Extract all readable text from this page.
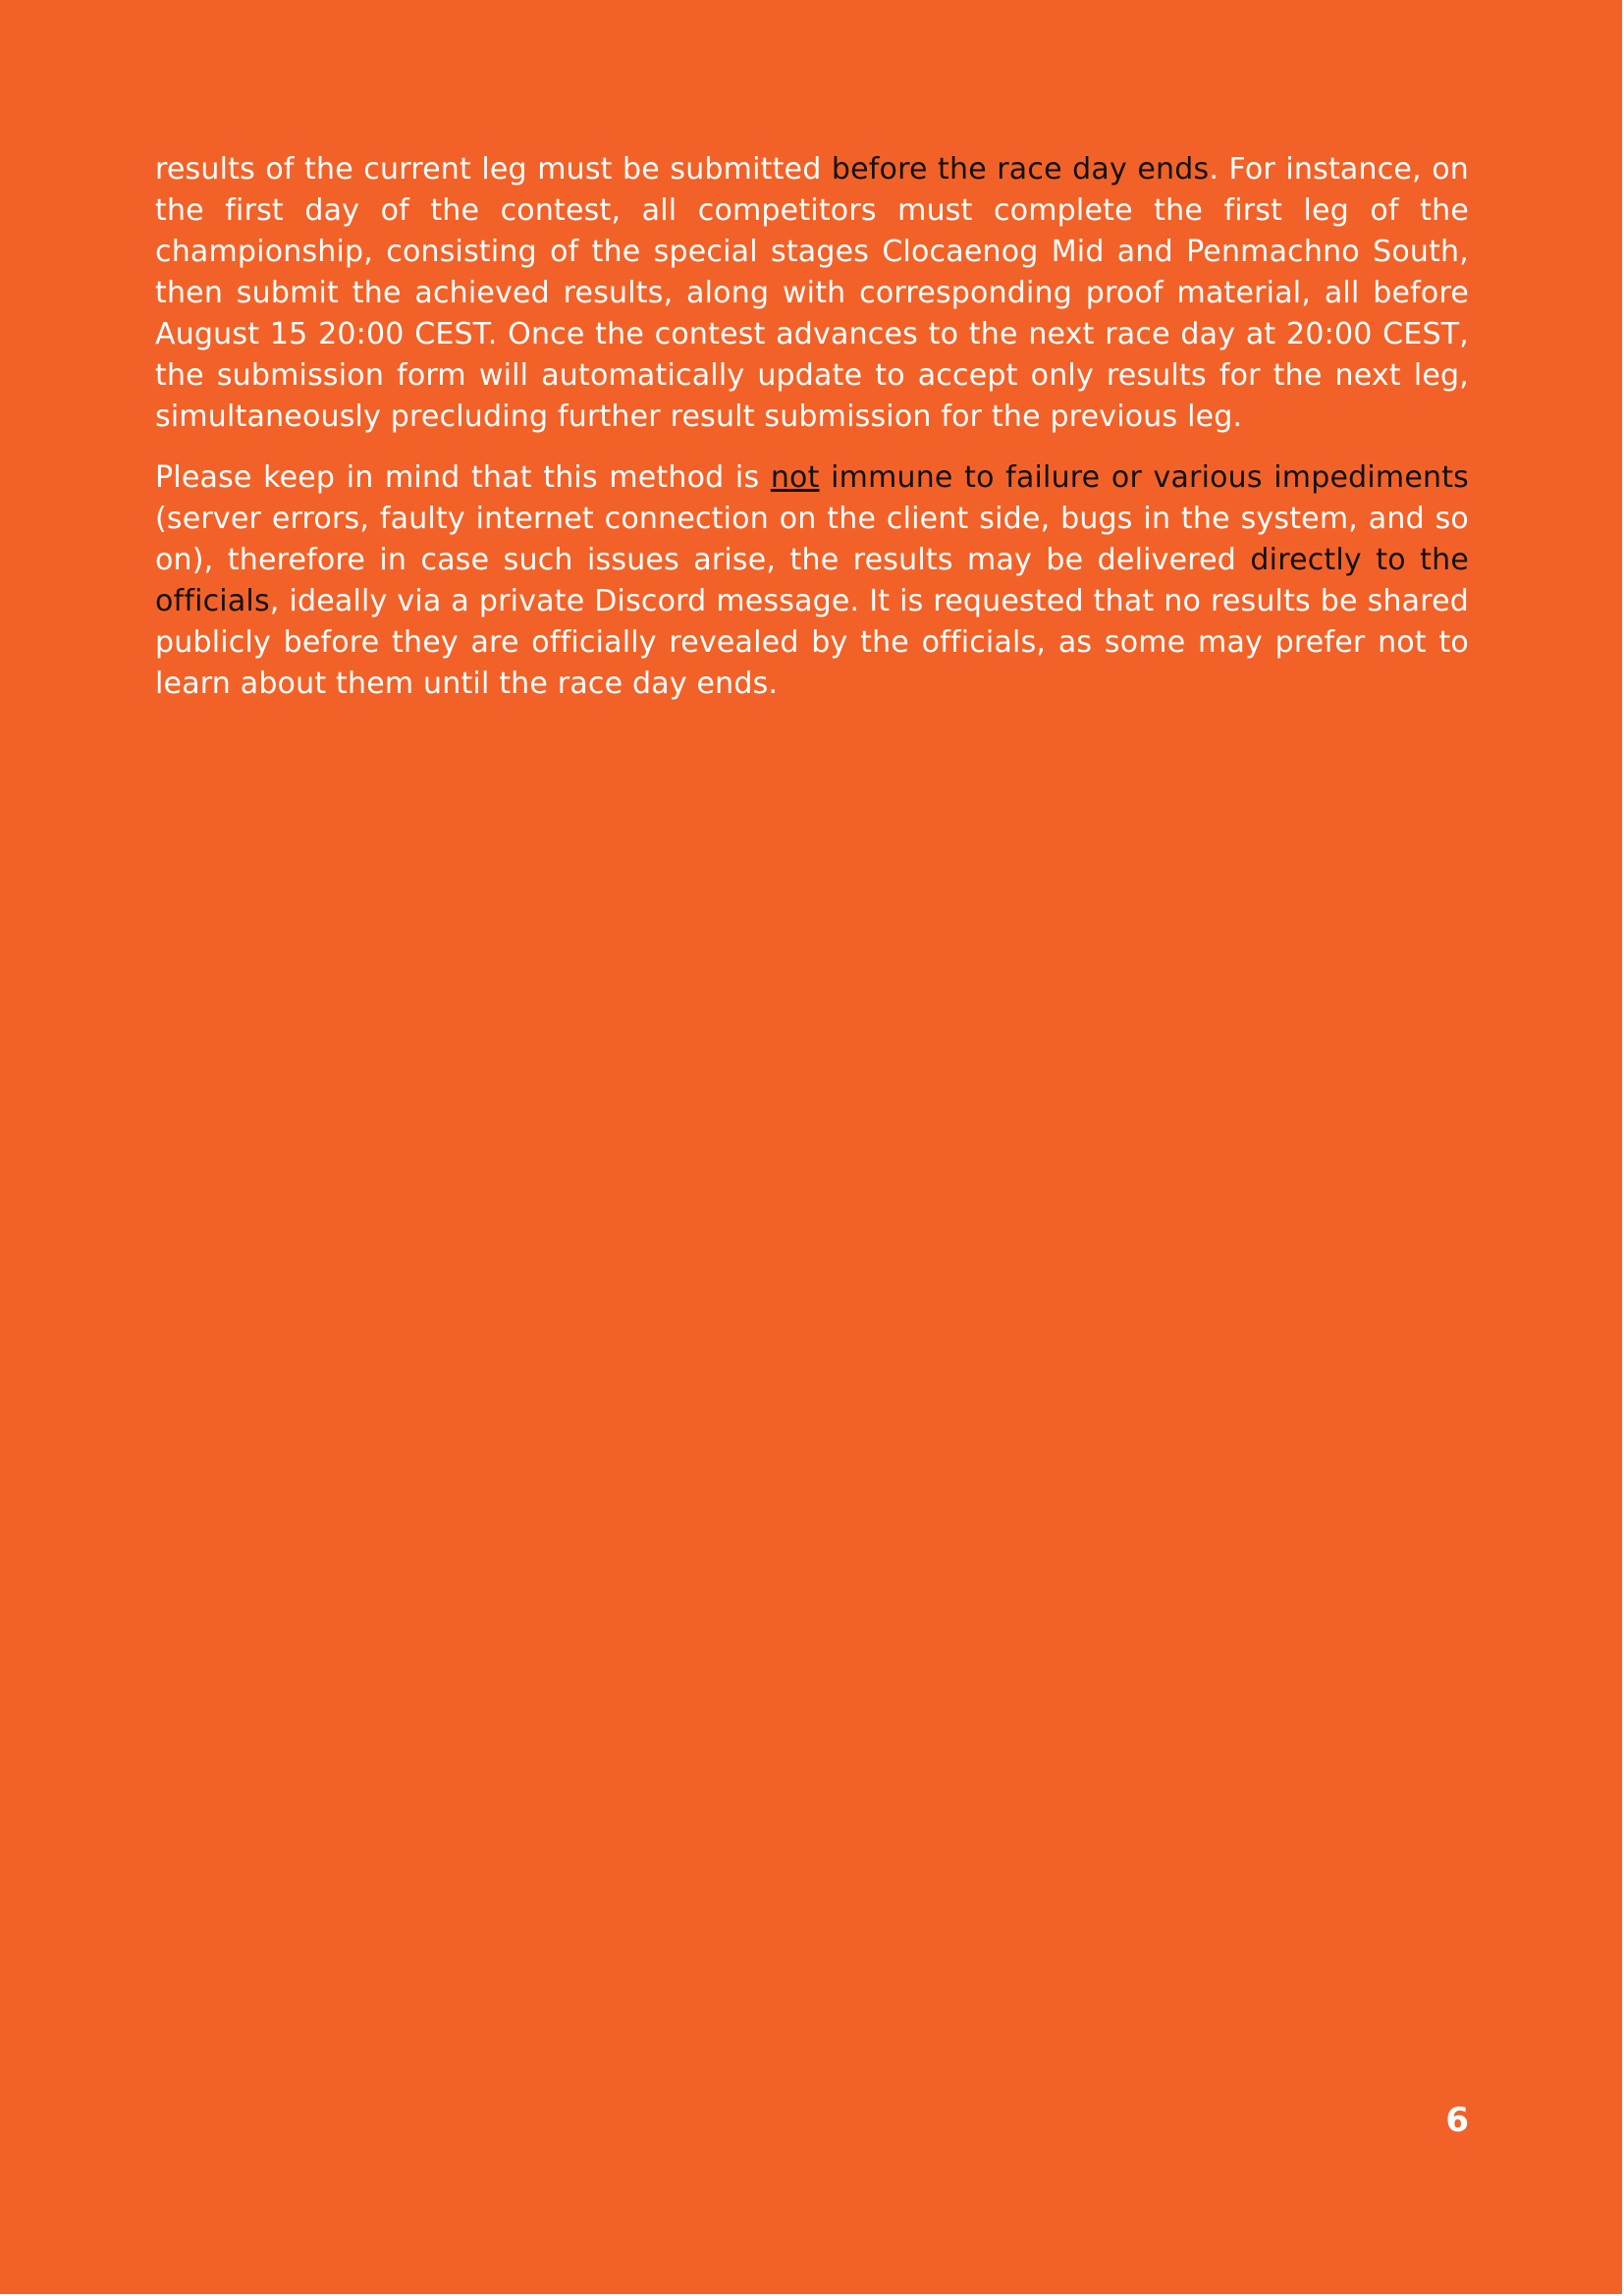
results of the current leg must be submitted before the race day ends. For instance, on the first day of the contest, all competitors must complete the first leg of the championship, consisting of the special stages Clocaenog Mid and Penmachno South, then submit the achieved results, along with corresponding proof material, all before August 15 20:00 CEST. Once the contest advances to the next race day at 20:00 CEST, the submission form will automatically update to accept only results for the next leg, simultaneously precluding further result submission for the previous leg.

Please keep in mind that this method is not immune to failure or various impediments (server errors, faulty internet connection on the client side, bugs in the system, and so on), therefore in case such issues arise, the results may be delivered directly to the officials, ideally via a private Discord message. It is requested that no results be shared publicly before they are officially revealed by the officials, as some may prefer not to learn about them until the race day ends.

6
